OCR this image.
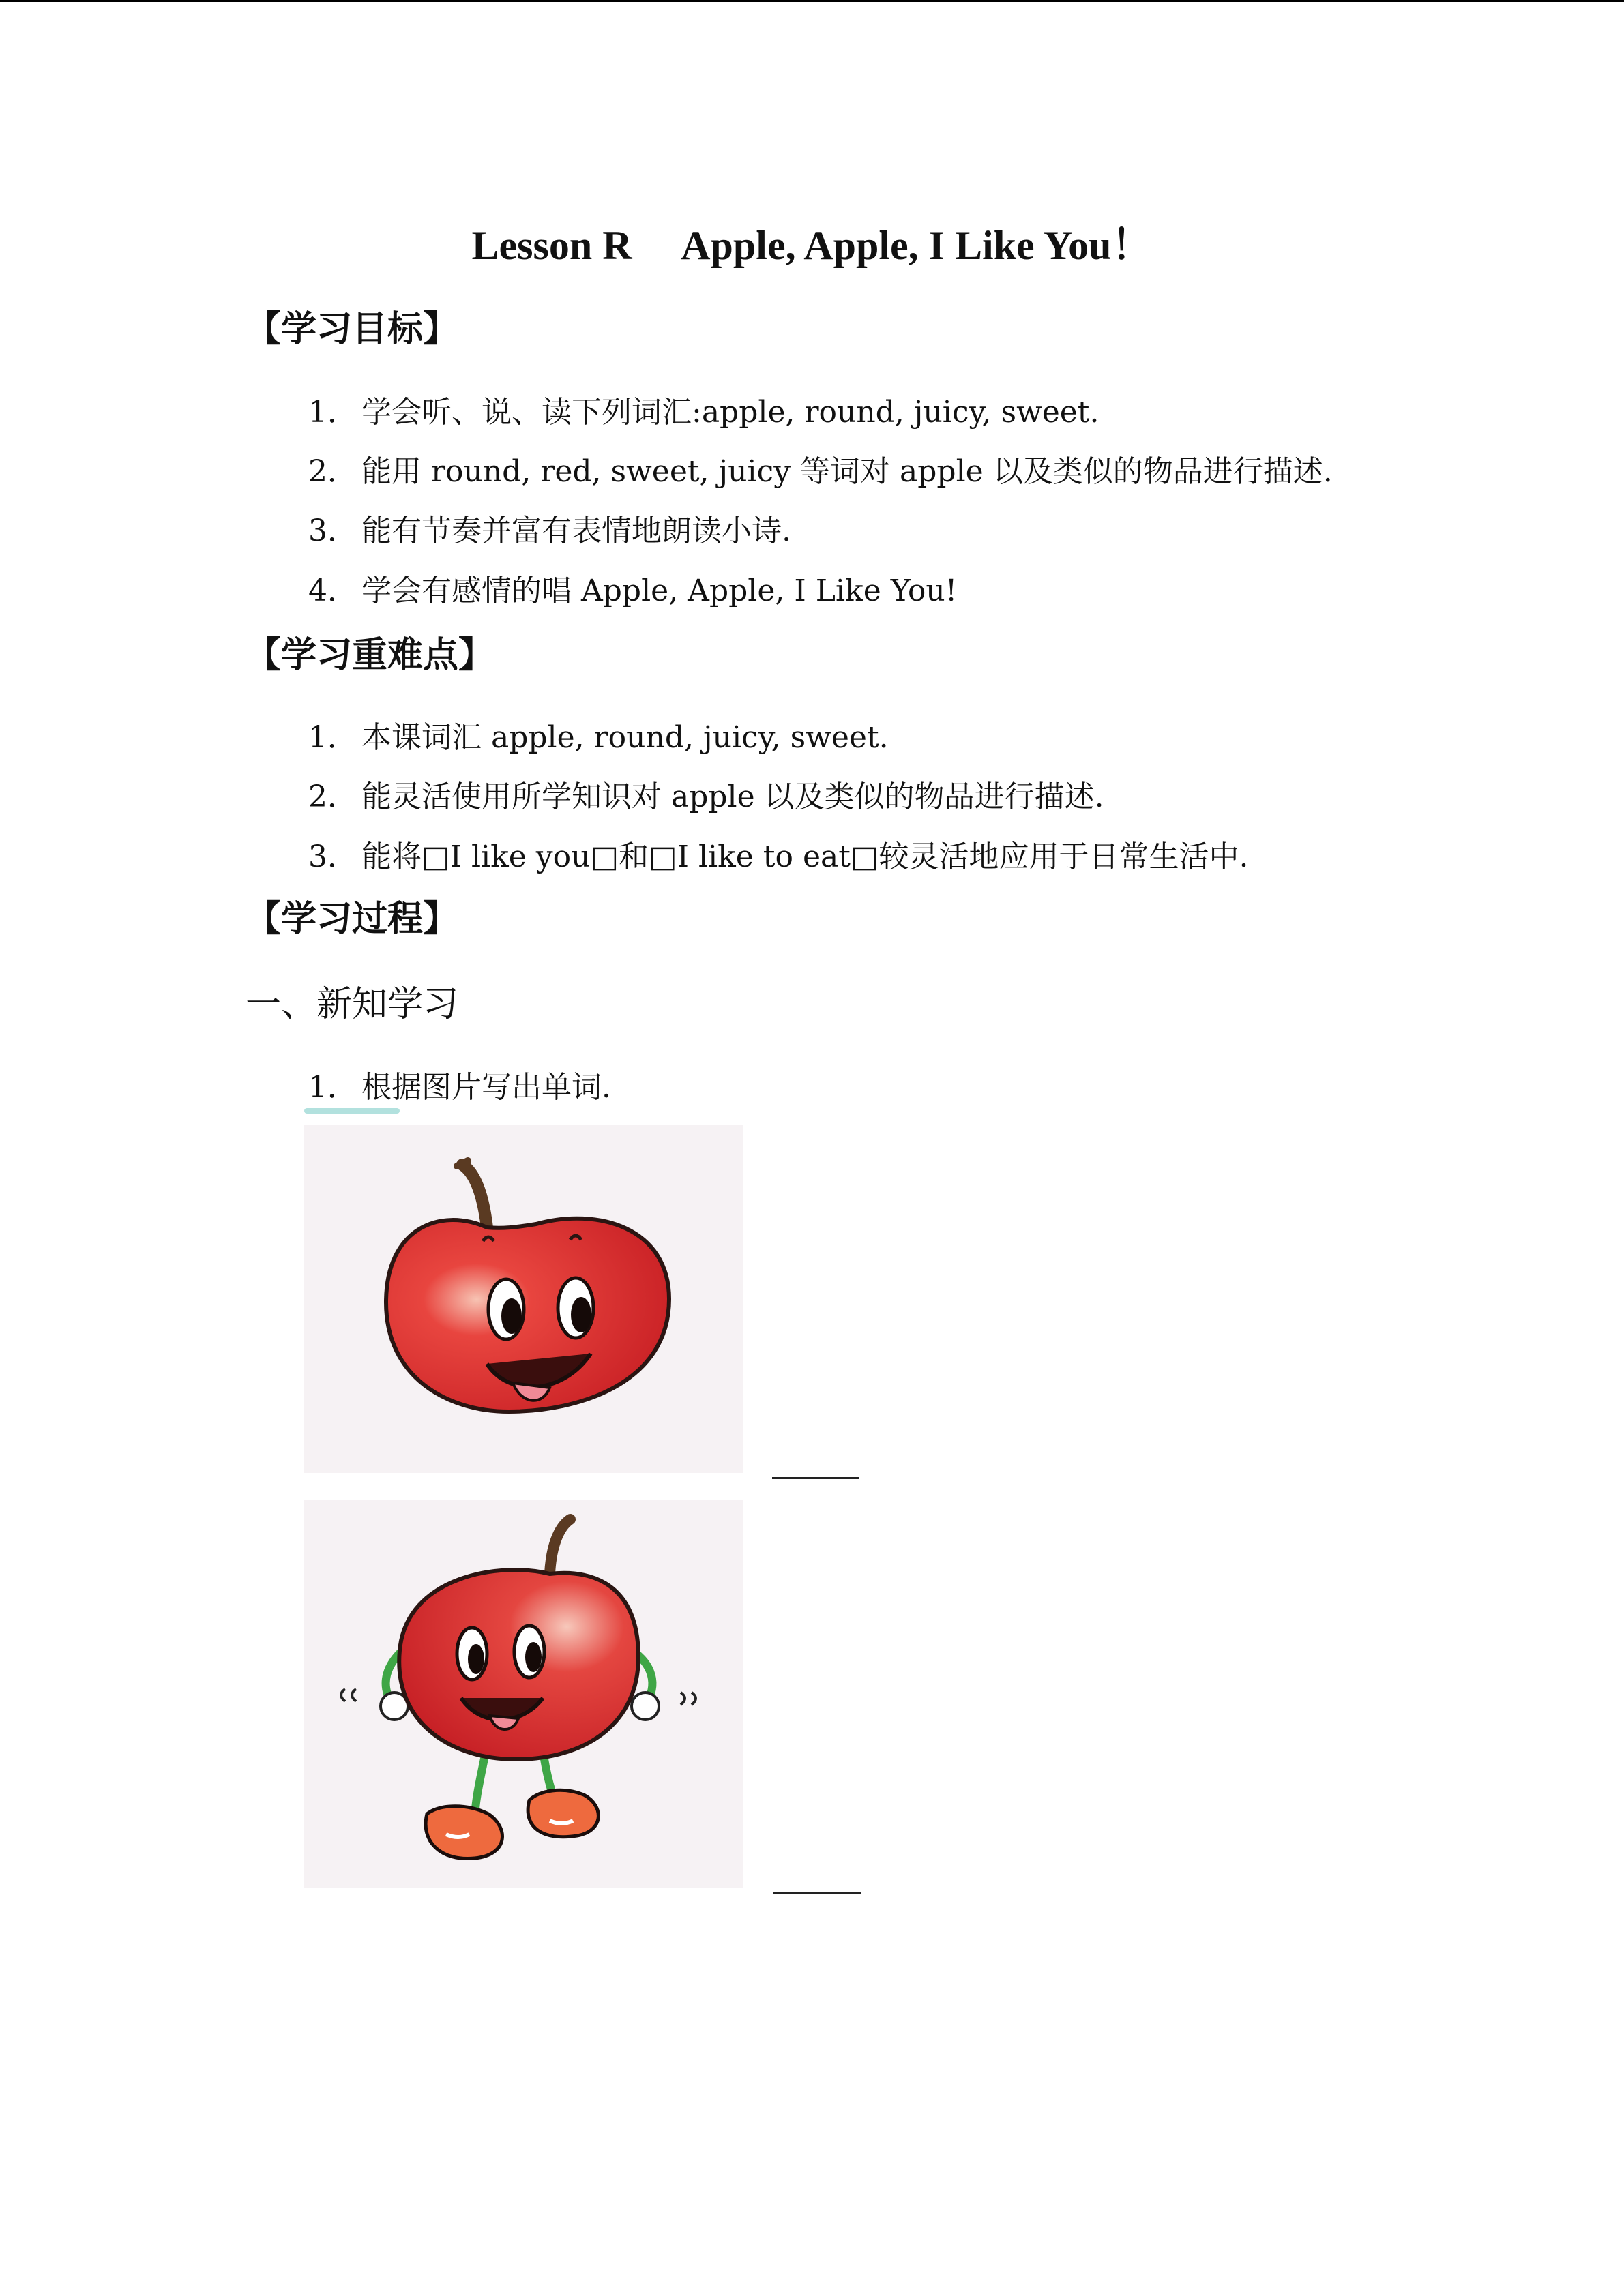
Lesson R　 Apple, Apple, I Like You！
【学习目标】
1． 学会听、说、读下列词汇:apple, round, juicy, sweet.
2． 能用 round, red, sweet, juicy 等词对 apple 以及类似的物品进行描述.
3． 能有节奏并富有表情地朗读小诗.
4． 学会有感情的唱 Apple, Apple, I Like You!
【学习重难点】
1． 本课词汇 apple, round, juicy, sweet.
2． 能灵活使用所学知识对 apple 以及类似的物品进行描述.
3． 能将□I like you□和□I like to eat□较灵活地应用于日常生活中.
【学习过程】
一、新知学习
1． 根据图片写出单词.
